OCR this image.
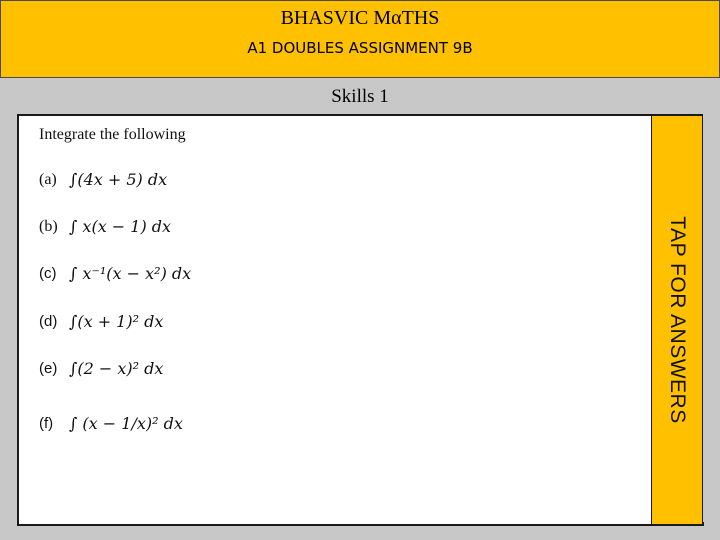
BHASVIC MαTHS
A1 DOUBLES ASSIGNMENT 9B
Skills 1
Integrate the following
(a) ∫(4x + 5) dx
(b) ∫ x(x − 1) dx
(c) ∫ x⁻¹(x − x²) dx
(d) ∫(x + 1)² dx
(e) ∫(2 − x)² dx
(f) ∫ (x − 1/x)² dx	TAP FOR ANSWERS
